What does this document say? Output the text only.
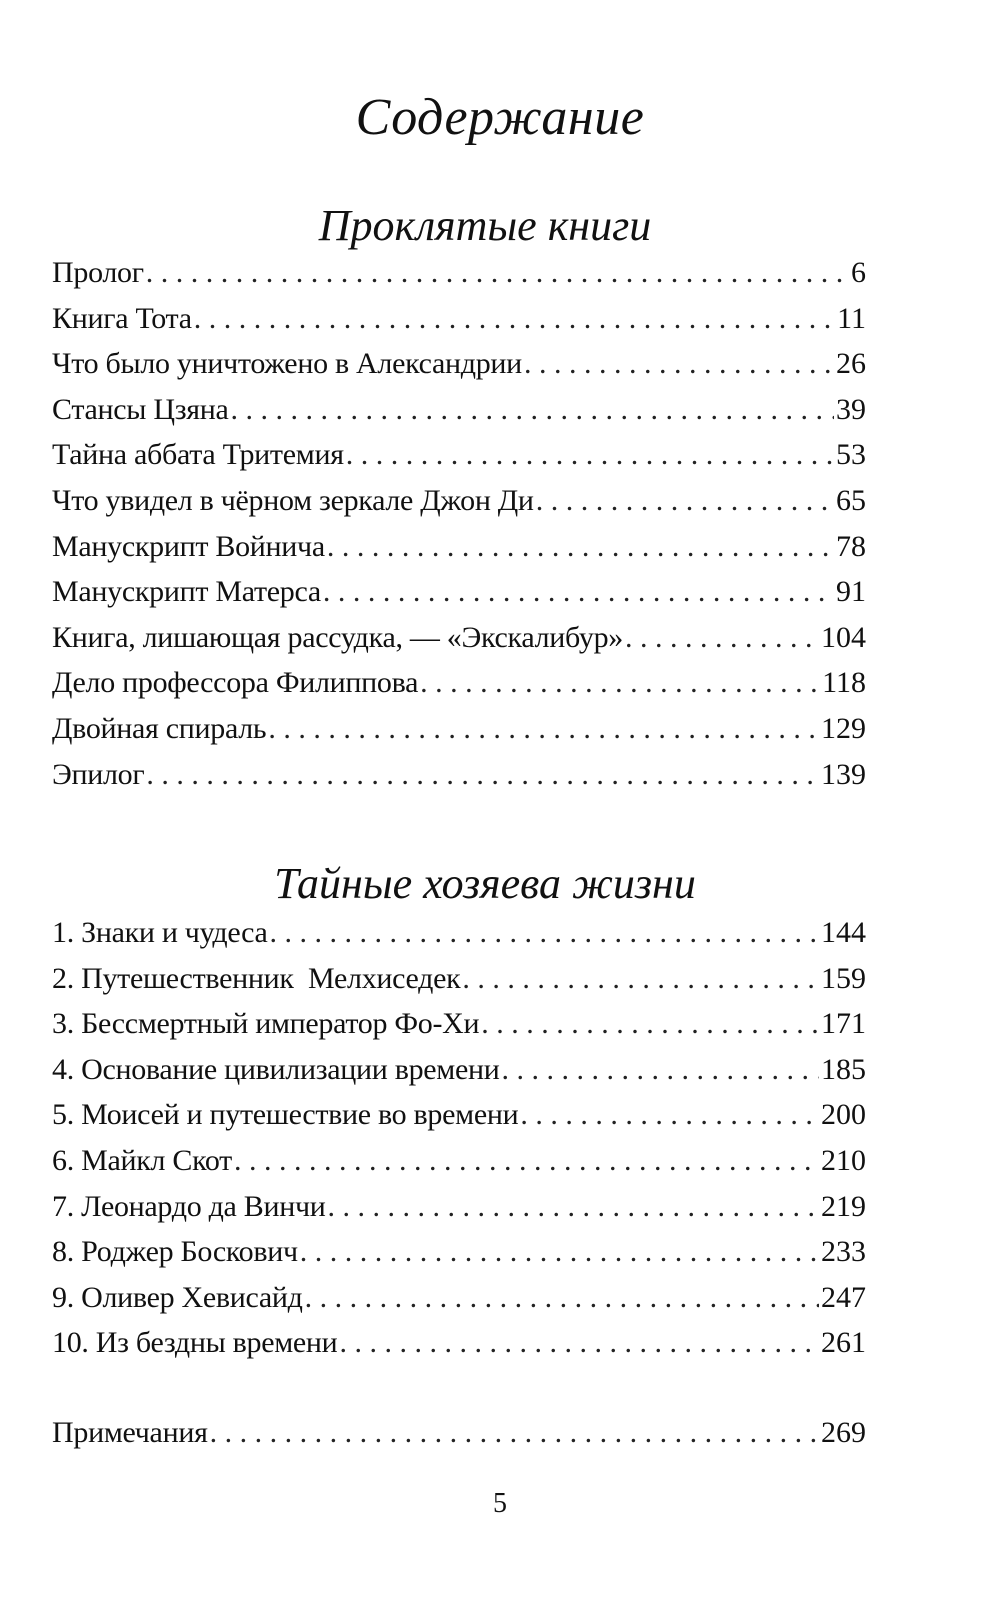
Содержание
Проклятые книги
Пролог . . .	6
Книга Тота . . .	11
Что было уничтожено в Александрии . . .	26
Стансы Цзяна . . .	39
Тайна аббата Тритемия . . .	53
Что увидел в чёрном зеркале Джон Ди . . .	65
Манускрипт Войнича . . .	78
Манускрипт Матерса . . .	91
Книга, лишающая рассудка, — «Экскалибур» . . .	104
Дело профессора Филиппова . . .	118
Двойная спираль . . .	129
Эпилог . . .	139
Тайные хозяева жизни
1. Знаки и чудеса . . .	144
2. Путешественник  Мелхиседек . . .	159
3. Бессмертный император Фо-Хи . . .	171
4. Основание цивилизации времени . . .	185
5. Моисей и путешествие во времени . . .	200
6. Майкл Скот . . .	210
7. Леонардо да Винчи . . .	219
8. Роджер Боскович . . .	233
9. Оливер Хевисайд . . .	247
10. Из бездны времени . . .	261
Примечания . . .	269
5
